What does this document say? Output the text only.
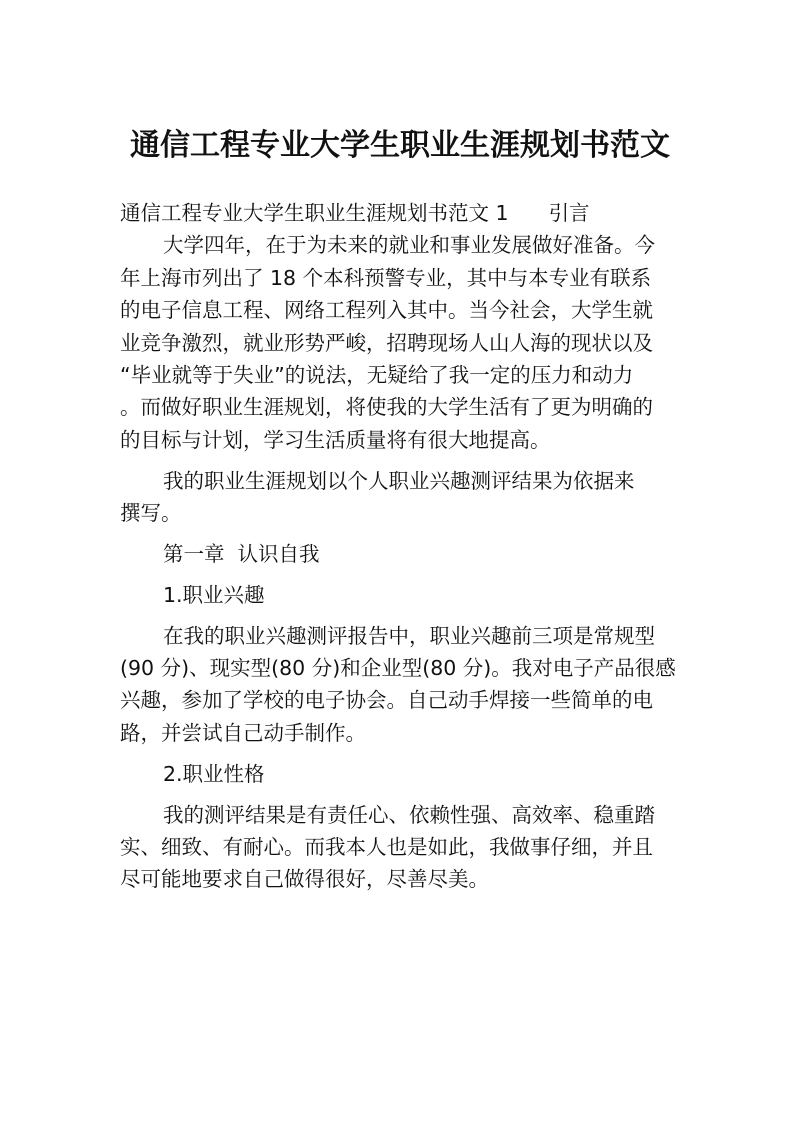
通信工程专业大学生职业生涯规划书范文
通信工程专业大学生职业生涯规划书范文 1 引言

大学四年，在于为未来的就业和事业发展做好准备。今
年上海市列出了 18 个本科预警专业，其中与本专业有联系
的电子信息工程、网络工程列入其中。当今社会，大学生就
业竞争激烈，就业形势严峻，招聘现场人山人海的现状以及
“毕业就等于失业”的说法，无疑给了我一定的压力和动力
。而做好职业生涯规划，将使我的大学生活有了更为明确的
的目标与计划，学习生活质量将有很大地提高。

我的职业生涯规划以个人职业兴趣测评结果为依据来
撰写。

第一章  认识自我

1.职业兴趣

在我的职业兴趣测评报告中，职业兴趣前三项是常规型
(90 分)、现实型(80 分)和企业型(80 分)。我对电子产品很感
兴趣，参加了学校的电子协会。自己动手焊接一些简单的电
路，并尝试自己动手制作。

2.职业性格

我的测评结果是有责任心、依赖性强、高效率、稳重踏
实、细致、有耐心。而我本人也是如此，我做事仔细，并且
尽可能地要求自己做得很好，尽善尽美。
